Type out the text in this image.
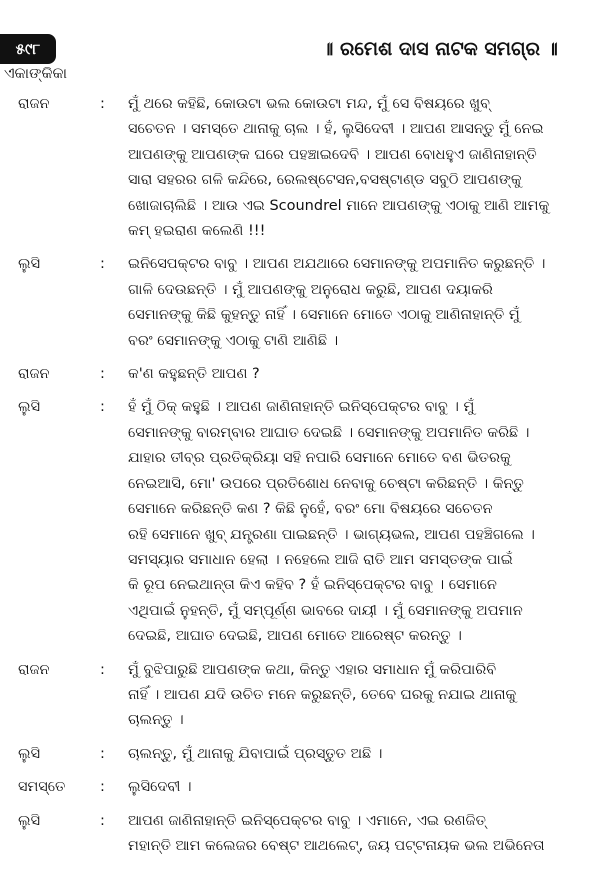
୫୯୮
ଏକାଙ୍କିକା
॥ ରମେଶ ଦାସ ନାଟକ ସମଗ୍ର ॥
ରାଜନ	:	ମୁଁ ଥରେ କହିଛି, କୋଉଟା ଭଲ କୋଉଟା ମନ୍ଦ, ମୁଁ ସେ ବିଷୟରେ ଖୁବ୍
ସଚେତନ । ସମସ୍ତେ ଥାନାକୁ ଚାଲ । ହଁ, ଲୁସିଦେବୀ । ଆପଣ ଆସନ୍ତୁ ମୁଁ ନେଇ
ଆପଣଙ୍କୁ ଆପଣଙ୍କ ଘରେ ପହଞ୍ଚାଇଦେବି । ଆପଣ ବୋଧହୁଏ ଜାଣିନାହାନ୍ତି
ସାରା ସହରର ଗଳି କନ୍ଦିରେ, ରେଲଷ୍ଟେସନ,ବସଷ୍ଟାଣ୍ଡ ସବୁଠି ଆପଣଙ୍କୁ
ଖୋଜାଚାଲିଛି । ଆଉ ଏଇ Scoundrel ମାନେ ଆପଣଙ୍କୁ ଏଠାକୁ ଆଣି ଆମକୁ
କମ୍ ହଇରାଣ କଲେଣି !!!
ଲୁସି	:	ଇନିସେପକ୍ଟର ବାବୁ । ଆପଣ ଅଯଥାରେ ସେମାନଙ୍କୁ ଅପମାନିତ କରୁଛନ୍ତି ।
ଗାଳି ଦେଉଛନ୍ତି । ମୁଁ ଆପଣଙ୍କୁ ଅନୁରୋଧ କରୁଛି, ଆପଣ ଦୟାକରି
ସେମାନଙ୍କୁ କିଛି କୁହନ୍ତୁ ନାହିଁ । ସେମାନେ ମୋତେ ଏଠାକୁ ଆଣିନାହାନ୍ତି ମୁଁ
ବରଂ ସେମାନଙ୍କୁ ଏଠାକୁ ଟାଣି ଆଣିଛି ।
ରାଜନ	:	କ'ଣ କହୁଛନ୍ତି ଆପଣ ?
ଲୁସି	:	ହଁ ମୁଁ ଠିକ୍ କହୁଛି । ଆପଣ ଜାଣିନାହାନ୍ତି ଇନିସ୍‌ପେକ୍ଟର ବାବୁ । ମୁଁ
ସେମାନଙ୍କୁ ବାରମ୍ବାର ଆଘାତ ଦେଇଛି । ସେମାନଙ୍କୁ ଅପମାନିତ କରିଛି ।
ଯାହାର ତୀବ୍ର ପ୍ରତିକ୍ରିୟା ସହି ନପାରି ସେମାନେ ମୋତେ ବଣ ଭିତରକୁ
ନେଇଆସି, ମୋ' ଉପରେ ପ୍ରତିଶୋଧ ନେବାକୁ ଚେଷ୍ଟା କରିଛନ୍ତି । କିନ୍ତୁ
ସେମାନେ କରିଛନ୍ତି କଣ ? କିଛି ନୁହେଁ, ବରଂ ମୋ ବିଷୟରେ ସଚେତନ
ରହି ସେମାନେ ଖୁବ୍ ଯନ୍ତ୍ରଣା ପାଇଛନ୍ତି । ଭାଗ୍ୟଭଲ, ଆପଣ ପହଞ୍ଚିଗଲେ ।
ସମସ୍ୟାର ସମାଧାନ ହେଲା । ନହେଲେ ଆଜି ରାତି ଆମ ସମସ୍ତଙ୍କ ପାଇଁ
କି ରୂପ ନେଇଥାନ୍ତା କିଏ କହିବ ? ହଁ ଇନିସ୍‌ପେକ୍ଟର ବାବୁ । ସେମାନେ
ଏଥିପାଇଁ ନୁହନ୍ତି, ମୁଁ ସମ୍ପୂର୍ଣ୍ଣ ଭାବରେ ଦାୟୀ । ମୁଁ ସେମାନଙ୍କୁ ଅପମାନ
ଦେଇଛି, ଆଘାତ ଦେଇଛି, ଆପଣ ମୋତେ ଆରେଷ୍ଟ କରନ୍ତୁ ।
ରାଜନ	:	ମୁଁ ବୁଝିପାରୁଛି ଆପଣଙ୍କ କଥା, କିନ୍ତୁ ଏହାର ସମାଧାନ ମୁଁ କରିପାରିବି
ନାହିଁ । ଆପଣ ଯଦି ଉଚିତ ମନେ କରୁଛନ୍ତି, ତେବେ ଘରକୁ ନଯାଇ ଥାନାକୁ
ଚାଲନ୍ତୁ ।
ଲୁସି	:	ଚାଲନ୍ତୁ, ମୁଁ ଥାନାକୁ ଯିବାପାଇଁ ପ୍ରସ୍ତୁତ ଅଛି ।
ସମସ୍ତେ	:	ଲୁସିଦେବୀ ।
ଲୁସି	:	ଆପଣ ଜାଣିନାହାନ୍ତି ଇନିସ୍‌ପେକ୍ଟର ବାବୁ । ଏମାନେ, ଏଇ ରଣଜିତ୍
ମହାନ୍ତି ଆମ କଲେଜର ବେଷ୍ଟ ଆଥଲେଟ୍, ଜୟ ପଟ୍ଟନାୟକ ଭଲ ଅଭିନେତା
